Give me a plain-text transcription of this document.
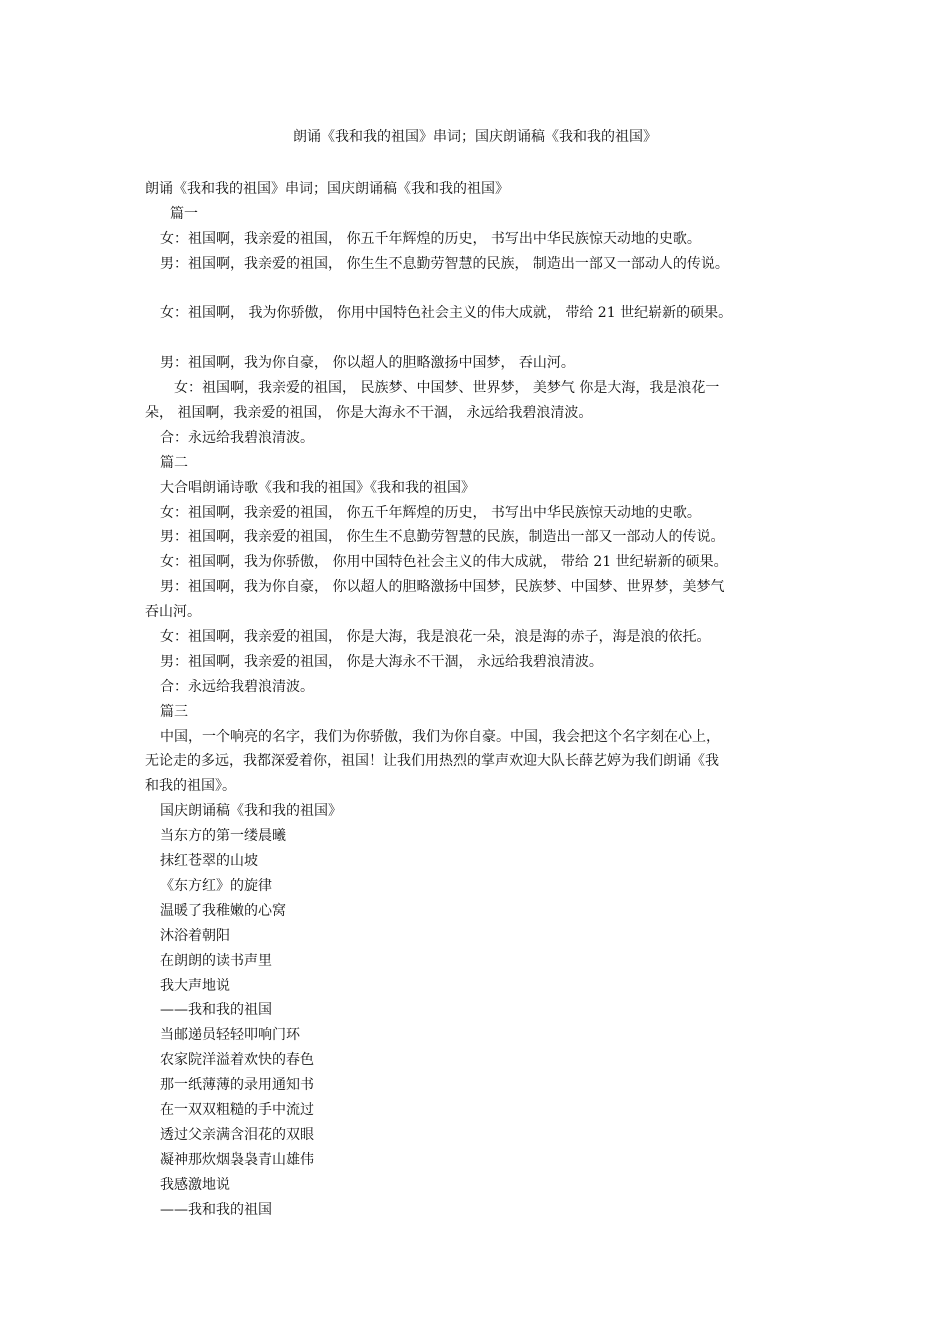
朗诵《我和我的祖国》串词；国庆朗诵稿《我和我的祖国》
朗诵《我和我的祖国》串词；国庆朗诵稿《我和我的祖国》
篇一
女：祖国啊，我亲爱的祖国， 你五千年辉煌的历史， 书写出中华民族惊天动地的史歌。
男：祖国啊，我亲爱的祖国， 你生生不息勤劳智慧的民族， 制造出一部又一部动人的传说。
女：祖国啊， 我为你骄傲， 你用中国特色社会主义的伟大成就， 带给 21 世纪崭新的硕果。
男：祖国啊，我为你自豪， 你以超人的胆略激扬中国梦， 吞山河。
女：祖国啊，我亲爱的祖国， 民族梦、中国梦、世界梦， 美梦气 你是大海，我是浪花一
朵， 祖国啊，我亲爱的祖国， 你是大海永不干涸， 永远给我碧浪清波。
合：永远给我碧浪清波。
篇二
大合唱朗诵诗歌《我和我的祖国》《我和我的祖国》
女：祖国啊，我亲爱的祖国， 你五千年辉煌的历史， 书写出中华民族惊天动地的史歌。
男：祖国啊，我亲爱的祖国， 你生生不息勤劳智慧的民族，制造出一部又一部动人的传说。
女：祖国啊，我为你骄傲， 你用中国特色社会主义的伟大成就， 带给 21 世纪崭新的硕果。
男：祖国啊，我为你自豪， 你以超人的胆略激扬中国梦，民族梦、中国梦、世界梦，美梦气
吞山河。
女：祖国啊，我亲爱的祖国， 你是大海，我是浪花一朵，浪是海的赤子，海是浪的依托。
男：祖国啊，我亲爱的祖国， 你是大海永不干涸， 永远给我碧浪清波。
合：永远给我碧浪清波。
篇三
中国，一个响亮的名字，我们为你骄傲，我们为你自豪。中国，我会把这个名字刻在心上，
无论走的多远，我都深爱着你，祖国！让我们用热烈的掌声欢迎大队长薛艺婷为我们朗诵《我
和我的祖国》。
国庆朗诵稿《我和我的祖国》
当东方的第一缕晨曦
抹红苍翠的山坡
《东方红》的旋律
温暖了我稚嫩的心窝
沐浴着朝阳
在朗朗的读书声里
我大声地说
——我和我的祖国
当邮递员轻轻叩响门环
农家院洋溢着欢快的春色
那一纸薄薄的录用通知书
在一双双粗糙的手中流过
透过父亲满含泪花的双眼
凝神那炊烟袅袅青山雄伟
我感激地说
——我和我的祖国
